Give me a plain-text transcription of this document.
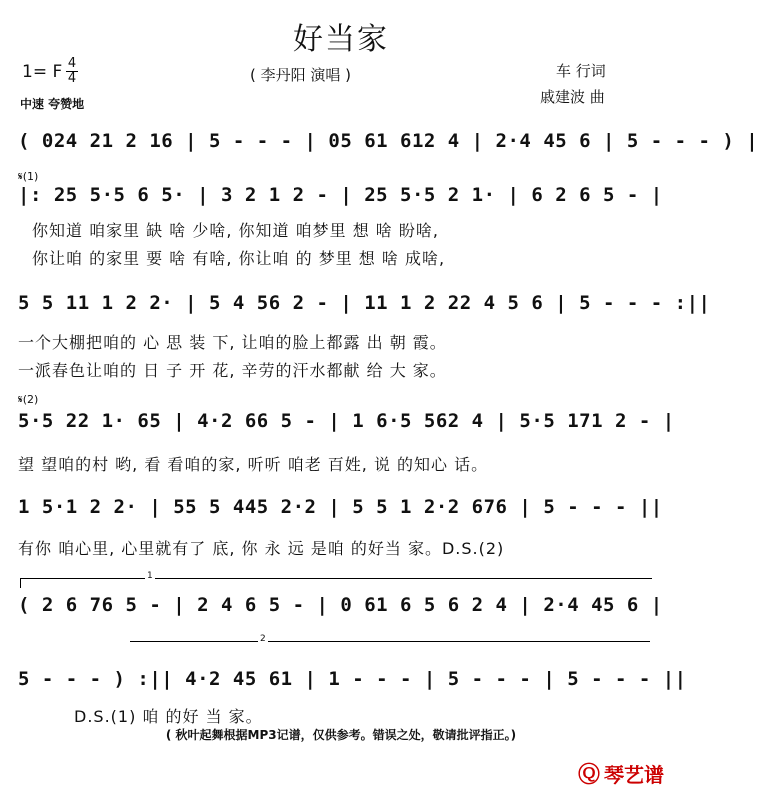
好当家
( 李丹阳 演唱 )
1= F 4
4
中速 夸赞地
车 行词
戚建波 曲
( 024 21 2 16 | 5 - - - | 05 61 612 4 | 2·4 45 6 | 5 - - - ) |
𝄋(1)
|: 25 5·5 6 5· | 3 2 1 2 - | 25 5·5 2 1· | 6 2 6 5 - |
你知道 咱家里 缺 啥 少啥, 你知道 咱梦里 想 啥 盼啥,
你让咱 的家里 要 啥 有啥, 你让咱 的 梦里 想 啥 成啥,
5 5 11 1 2 2· | 5 4 56 2 - | 11 1 2 22 4 5 6 | 5 - - - :||
一个大棚把咱的 心 思 装 下, 让咱的脸上都露 出 朝 霞。
一派春色让咱的 日 子 开 花, 辛劳的汗水都献 给 大 家。
𝄋(2)
5·5 22 1· 65 | 4·2 66 5 - | 1 6·5 562 4 | 5·5 171 2 - |
望 望咱的村 哟, 看 看咱的家, 听听 咱老 百姓, 说 的知心 话。
1 5·1 2 2· | 55 5 445 2·2 | 5 5 1 2·2 676 | 5 - - - ||
有你 咱心里, 心里就有了 底, 你 永 远 是咱 的好当 家。D.S.(2)
1
( 2 6 76 5 - | 2 4 6 5 - | 0 61 6 5 6 2 4 | 2·4 45 6 |
2
5 - - - ) :|| 4·2 45 61 | 1 - - - | 5 - - - | 5 - - - ||
D.S.(1) 咱 的好 当 家。
( 秋叶起舞根据MP3记谱，仅供参考。错误之处，敬请批评指正。)
Ⓠ 琴艺谱
